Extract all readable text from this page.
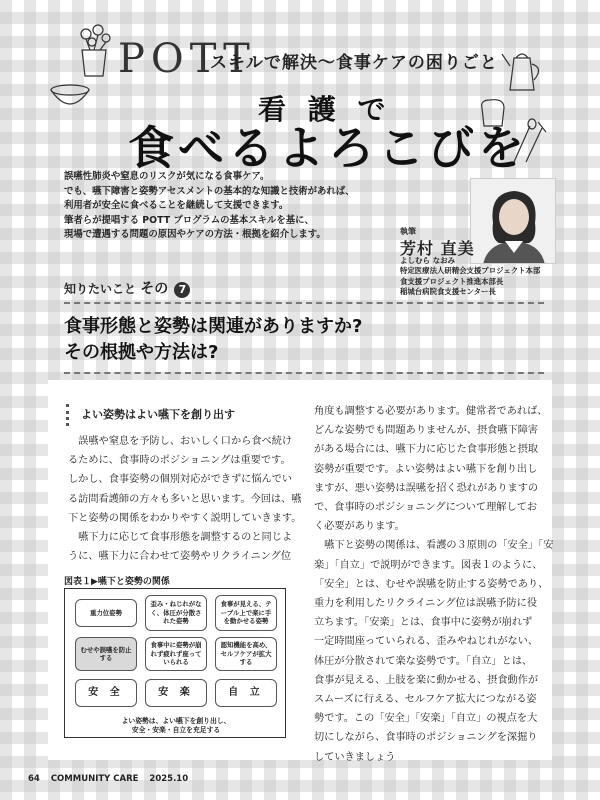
POTT
スキルで解決〜食事ケアの困りごと
看 護 で
食べるよろこびを

誤嚥性肺炎や窒息のリスクが気になる食事ケア。

でも、嚥下障害と姿勢アセスメントの基本的な知識と技術があれば、

利用者が安全に食べることを継続して支援できます。

筆者らが提唱する POTT プログラムの基本スキルを基に、

現場で遭遇する問題の原因やケアの方法・根拠を紹介します。	執筆
芳村 直美
よしむら なおみ
特定医療法人研精会支援プロジェクト本部
食支援プロジェクト推進本部長
稲城台病院食支援センター長
知りたいこと その 7
食事形態と姿勢は関連がありますか?
その根拠や方法は?
よい姿勢はよい嚥下を創り出す

　誤嚥や窒息を予防し、おいしく口から食べ続け

るために、食事時のポジショニングは重要です。

しかし、食事姿勢の個別対応ができずに悩んでい

る訪問看護師の方々も多いと思います。今回は、嚥

下と姿勢の関係をわかりやすく説明していきます。

　嚥下力に応じて食事形態を調整するのと同じよ

うに、嚥下力に合わせて姿勢やリクライニング位

図表１▶嚥下と姿勢の関係
重力位姿勢
歪み・ねじれがなく、体圧が分散された姿勢
食事が見える、テーブル上で楽に手を動かせる姿勢
むせや誤嚥を防止する
食事中に姿勢が崩れず疲れず座っていられる
認知機能を高め、セルフケアが拡大する
安 全	安 楽	自 立
よい姿勢は、よい嚥下を創り出し、
安全・安楽・自立を充足する

角度も調整する必要があります。健常者であれば、

どんな姿勢でも問題ありませんが、摂食嚥下障害

がある場合には、嚥下力に応じた食事形態と摂取

姿勢が重要です。よい姿勢はよい嚥下を創り出し

ますが、悪い姿勢は誤嚥を招く恐れがありますの

で、食事時のポジショニングについて理解してお

く必要があります。

　嚥下と姿勢の関係は、看護の３原則の「安全」「安

楽」「自立」で説明ができます。図表１のように、

「安全」とは、むせや誤嚥を防止する姿勢であり、

重力を利用したリクライニング位は誤嚥予防に役

立ちます。「安楽」とは、食事中に姿勢が崩れず

一定時間座っていられる、歪みやねじれがない、

体圧が分散されて楽な姿勢です。「自立」とは、

食事が見える、上肢を楽に動かせる、摂食動作が

スムーズに行える、セルフケア拡大につながる姿

勢です。この「安全」「安楽」「自立」の視点を大

切にしながら、食事時のポジショニングを深掘り

していきましょう

64 COMMUNITY CARE 2025.10
